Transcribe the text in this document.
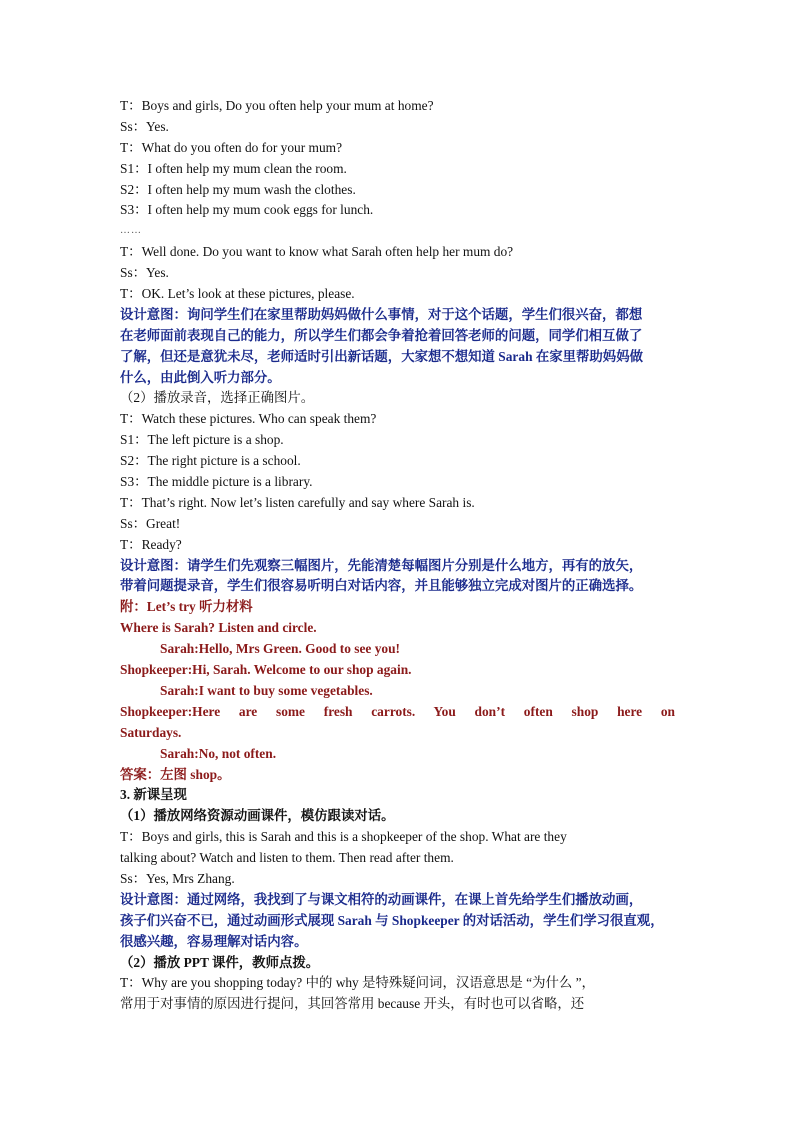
T：Boys and girls, Do you often help your mum at home?
Ss：Yes.
T：What do you often do for your mum?
S1：I often help my mum clean the room.
S2：I often help my mum wash the clothes.
S3：I often help my mum cook eggs for lunch.
……
T：Well done. Do you want to know what Sarah often help her mum do?
Ss：Yes.
T：OK. Let’s look at these pictures, please.
设计意图：询问学生们在家里帮助妈妈做什么事情，对于这个话题，学生们很兴奋，都想
在老师面前表现自己的能力，所以学生们都会争着抢着回答老师的问题，同学们相互做了
了解，但还是意犹未尽，老师适时引出新话题，大家想不想知道 Sarah 在家里帮助妈妈做
什么，由此倒入听力部分。
（2）播放录音，选择正确图片。
T：Watch these pictures. Who can speak them?
S1：The left picture is a shop.
S2：The right picture is a school.
S3：The middle picture is a library.
T：That’s right. Now let’s listen carefully and say where Sarah is.
Ss：Great!
T：Ready?
设计意图：请学生们先观察三幅图片，先能清楚每幅图片分别是什么地方，再有的放矢，
带着问题提录音，学生们很容易听明白对话内容，并且能够独立完成对图片的正确选择。
附：Let’s try 听力材料
Where is Sarah? Listen and circle.
Sarah:Hello, Mrs Green. Good to see you!
Shopkeeper:Hi, Sarah. Welcome to our shop again.
Sarah:I want to buy some vegetables.
Shopkeeper:Here are some fresh carrots. You don’t often shop here on
Saturdays.
Sarah:No, not often.
答案：左图 shop。
3. 新课呈现
（1）播放网络资源动画课件，模仿跟读对话。
T：Boys and girls, this is Sarah and this is a shopkeeper of the shop. What are they
talking about? Watch and listen to them. Then read after them.
Ss：Yes, Mrs Zhang.
设计意图：通过网络，我找到了与课文相符的动画课件，在课上首先给学生们播放动画，
孩子们兴奋不已，通过动画形式展现 Sarah 与 Shopkeeper 的对话活动，学生们学习很直观，
很感兴趣，容易理解对话内容。
（2）播放 PPT 课件，教师点拨。
T：Why are you shopping today? 中的 why 是特殊疑问词，汉语意思是 “为什么 ”，
常用于对事情的原因进行提问，其回答常用 because 开头，有时也可以省略，还
